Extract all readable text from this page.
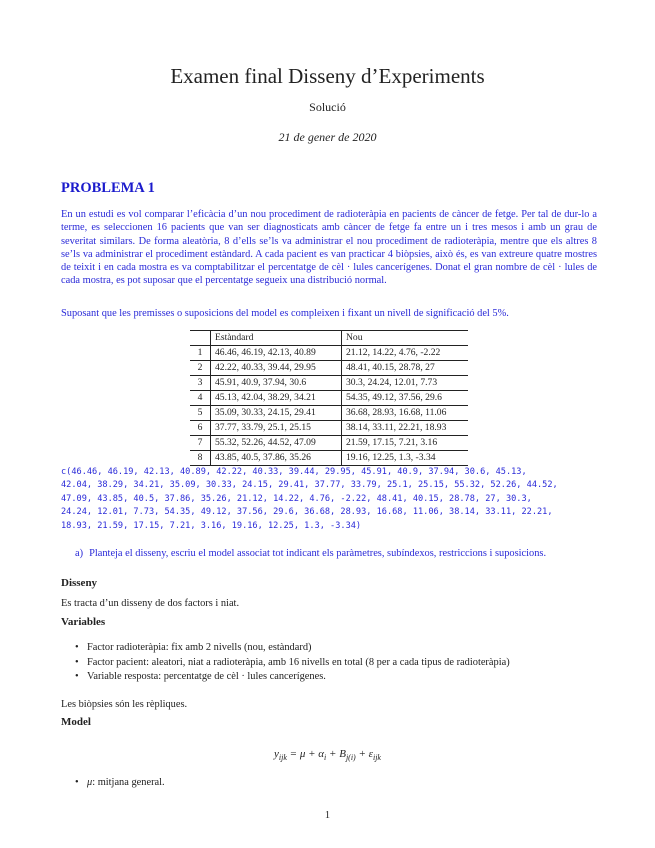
Examen final Disseny d’Experiments
Solució
21 de gener de 2020
PROBLEMA 1
En un estudi es vol comparar l’eficàcia d’un nou procediment de radioteràpia en pacients de càncer de fetge. Per tal de dur-lo a terme, es seleccionen 16 pacients que van ser diagnosticats amb càncer de fetge fa entre un i tres mesos i amb un grau de severitat similars. De forma aleatòria, 8 d’ells se’ls va administrar el nou procediment de radioteràpia, mentre que els altres 8 se’ls va administrar el procediment estàndard. A cada pacient es van practicar 4 biòpsies, això és, es van extreure quatre mostres de teixit i en cada mostra es va comptabilitzar el percentatge de cèl · lules cancerígenes. Donat el gran nombre de cèl · lules de cada mostra, es pot suposar que el percentatge segueix una distribució normal.
Suposant que les premisses o suposicions del model es compleixen i fixant un nivell de significació del 5%.
	Estàndard	Nou
1	46.46, 46.19, 42.13, 40.89	21.12, 14.22, 4.76, -2.22
2	42.22, 40.33, 39.44, 29.95	48.41, 40.15, 28.78, 27
3	45.91, 40.9, 37.94, 30.6	30.3, 24.24, 12.01, 7.73
4	45.13, 42.04, 38.29, 34.21	54.35, 49.12, 37.56, 29.6
5	35.09, 30.33, 24.15, 29.41	36.68, 28.93, 16.68, 11.06
6	37.77, 33.79, 25.1, 25.15	38.14, 33.11, 22.21, 18.93
7	55.32, 52.26, 44.52, 47.09	21.59, 17.15, 7.21, 3.16
8	43.85, 40.5, 37.86, 35.26	19.16, 12.25, 1.3, -3.34
c(46.46, 46.19, 42.13, 40.89, 42.22, 40.33, 39.44, 29.95, 45.91, 40.9, 37.94, 30.6, 45.13,
42.04, 38.29, 34.21, 35.09, 30.33, 24.15, 29.41, 37.77, 33.79, 25.1, 25.15, 55.32, 52.26, 44.52,
47.09, 43.85, 40.5, 37.86, 35.26, 21.12, 14.22, 4.76, -2.22, 48.41, 40.15, 28.78, 27, 30.3,
24.24, 12.01, 7.73, 54.35, 49.12, 37.56, 29.6, 36.68, 28.93, 16.68, 11.06, 38.14, 33.11, 22.21,
18.93, 21.59, 17.15, 7.21, 3.16, 19.16, 12.25, 1.3, -3.34)
a) Planteja el disseny, escriu el model associat tot indicant els paràmetres, subíndexos, restriccions i suposicions.
Disseny
Es tracta d’un disseny de dos factors i niat.
Variables
• Factor radioteràpia: fix amb 2 nivells (nou, estàndard)
• Factor pacient: aleatori, niat a radioteràpia, amb 16 nivells en total (8 per a cada tipus de radioteràpia)
• Variable resposta: percentatge de cèl · lules cancerígenes.
Les biòpsies són les rèpliques.
Model
$y_{ijk} = \mu + \alpha_i + B_{j(i)} + \varepsilon_{ijk}$
• μ: mitjana general.
1
